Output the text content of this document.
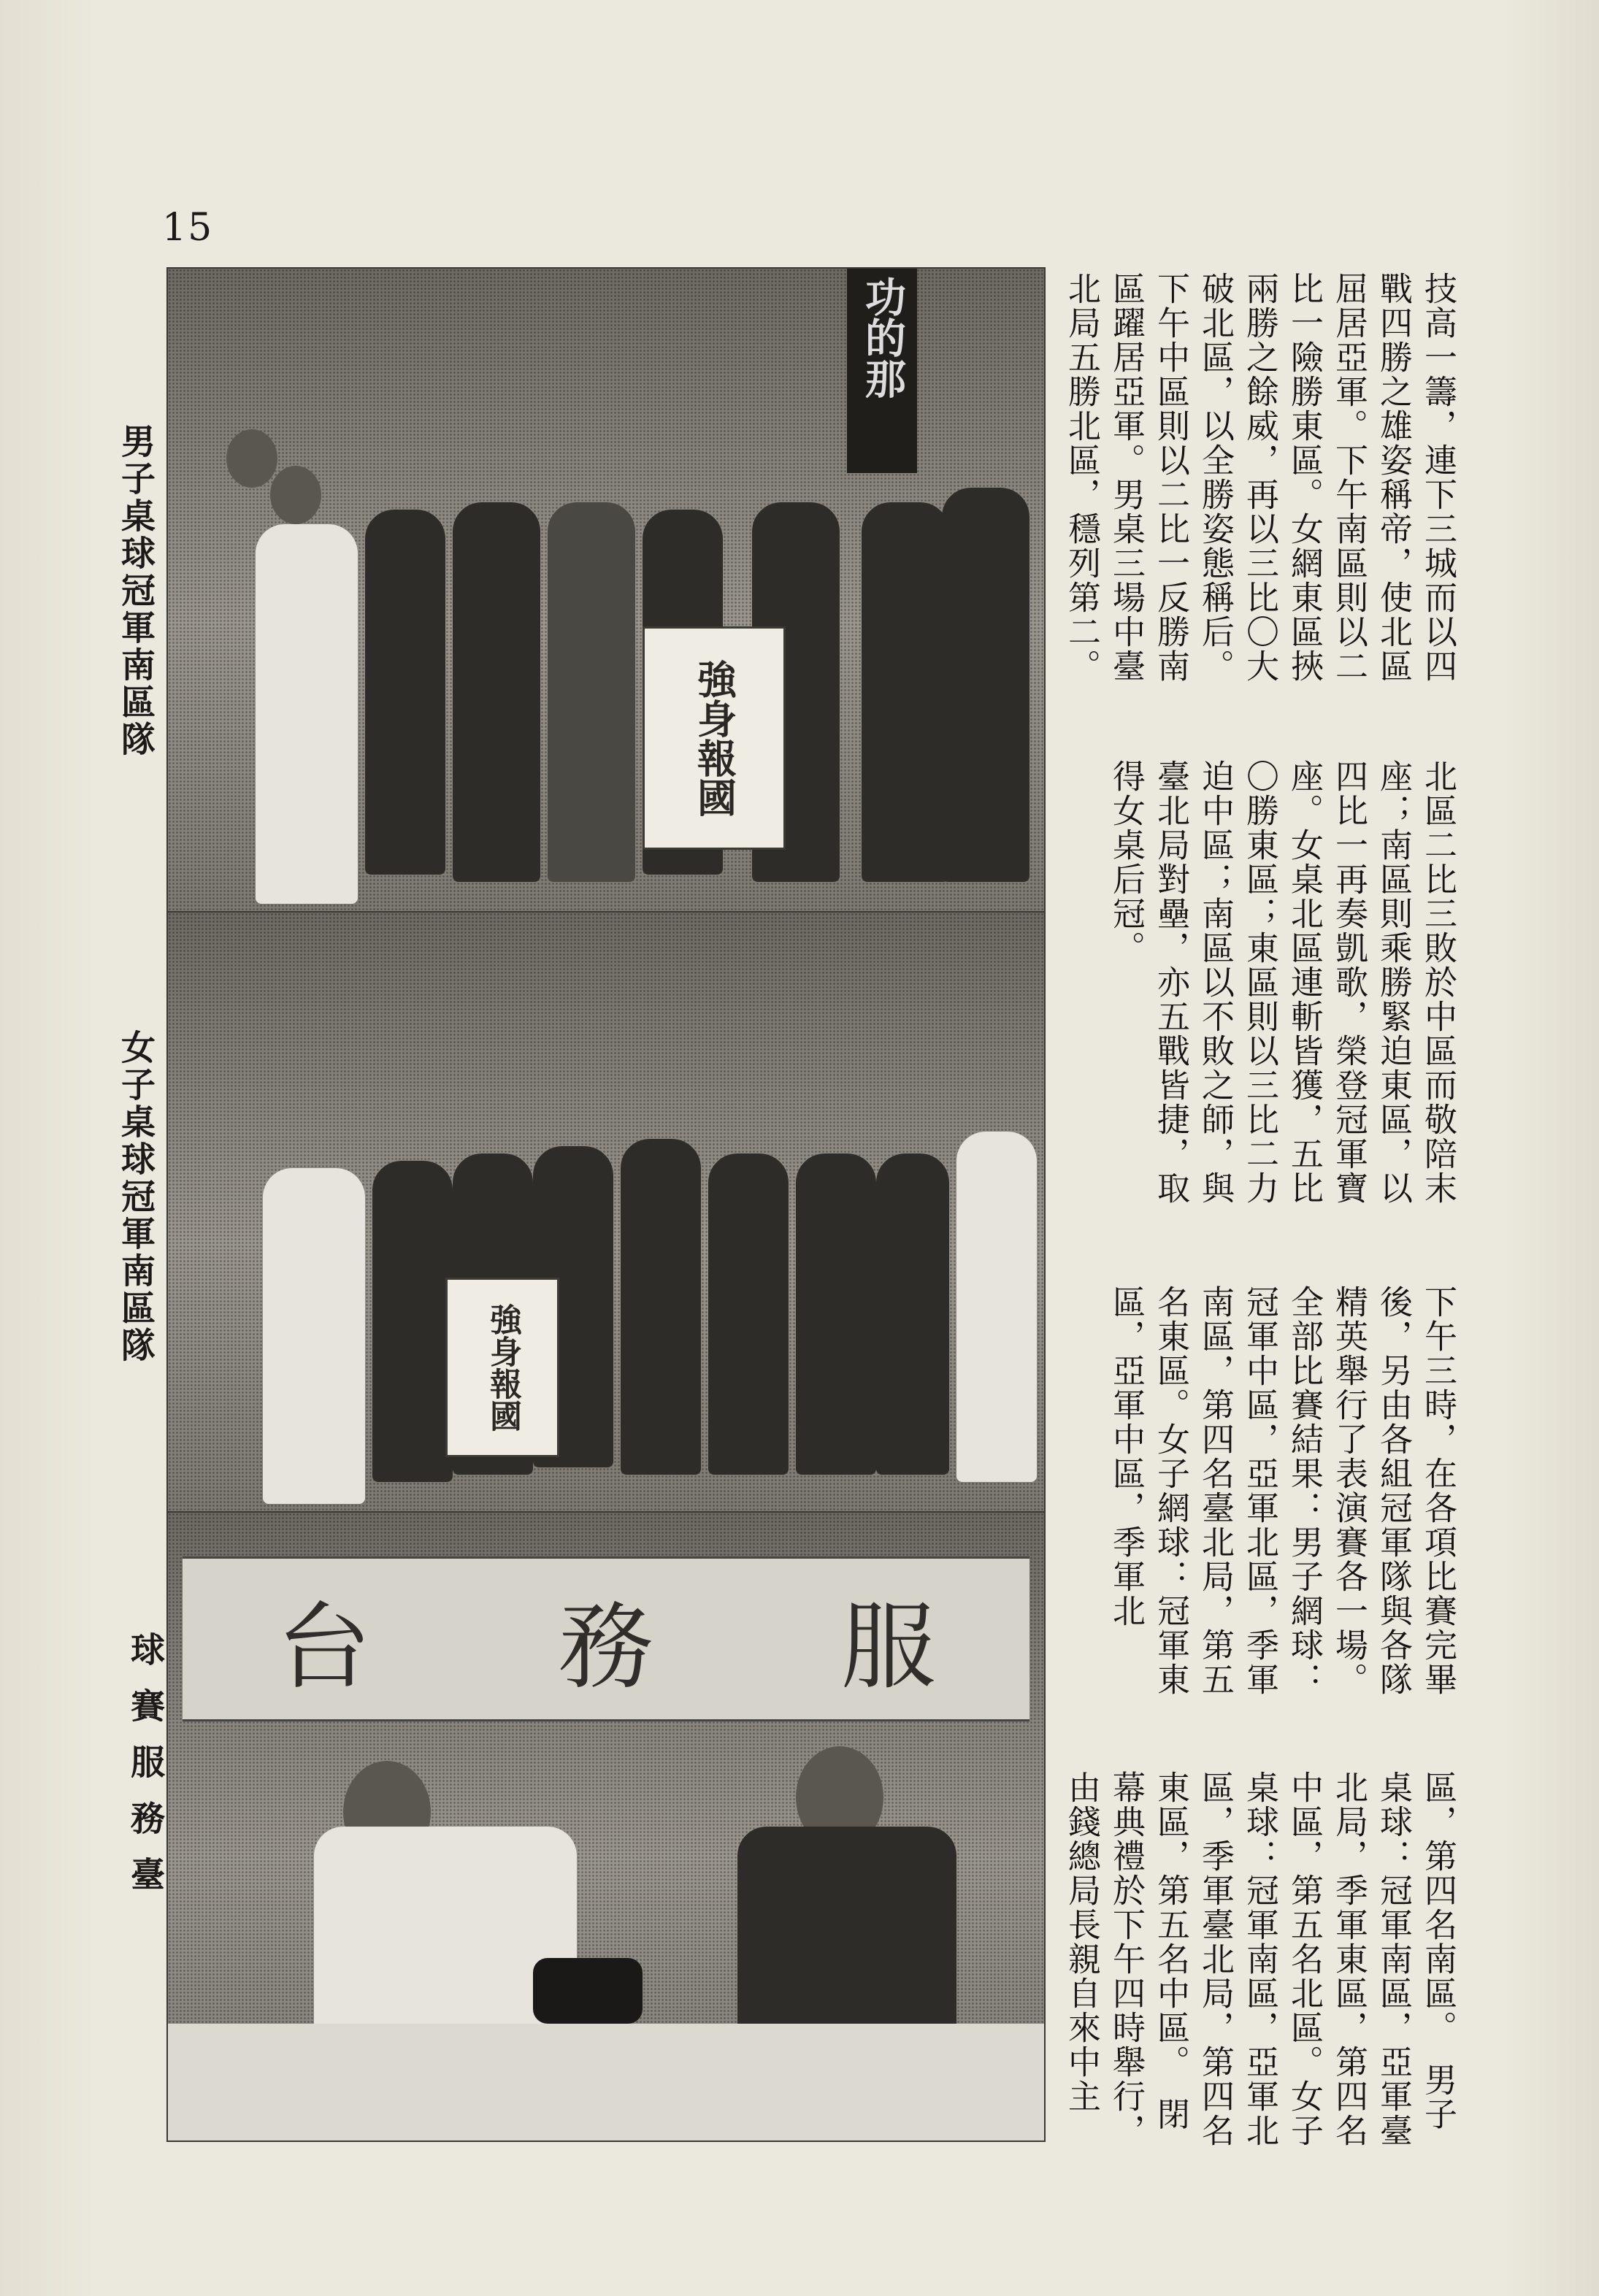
15
男子桌球冠軍南區隊
女子桌球冠軍南區隊
球賽服務臺
功的那
強身報國
強身報國
台 務 服
技高一籌，連下三城而以四戰四勝之雄姿稱帝，使北區屈居亞軍。下午南區則以二比一險勝東區。女網東區挾兩勝之餘威，再以三比〇大破北區，以全勝姿態稱后。下午中區則以二比一反勝南區躍居亞軍。男桌三場中臺北局五勝北區，穩列第二。
北區二比三敗於中區而敬陪末座；南區則乘勝緊迫東區，以四比一再奏凱歌，榮登冠軍寶座。女桌北區連斬皆獲，五比〇勝東區；東區則以三比二力迫中區；南區以不敗之師，與臺北局對壘，亦五戰皆捷，取得女桌后冠。
下午三時，在各項比賽完畢後，另由各組冠軍隊與各隊精英舉行了表演賽各一場。　全部比賽結果：男子網球：冠軍中區，亞軍北區，季軍南區，第四名臺北局，第五名東區。女子網球：冠軍東區，亞軍中區，季軍北
區，第四名南區。　男子桌球：冠軍南區，亞軍臺北局，季軍東區，第四名中區，第五名北區。女子桌球：冠軍南區，亞軍北區，季軍臺北局，第四名東區，第五名中區。　閉幕典禮於下午四時舉行，由錢總局長親自來中主
